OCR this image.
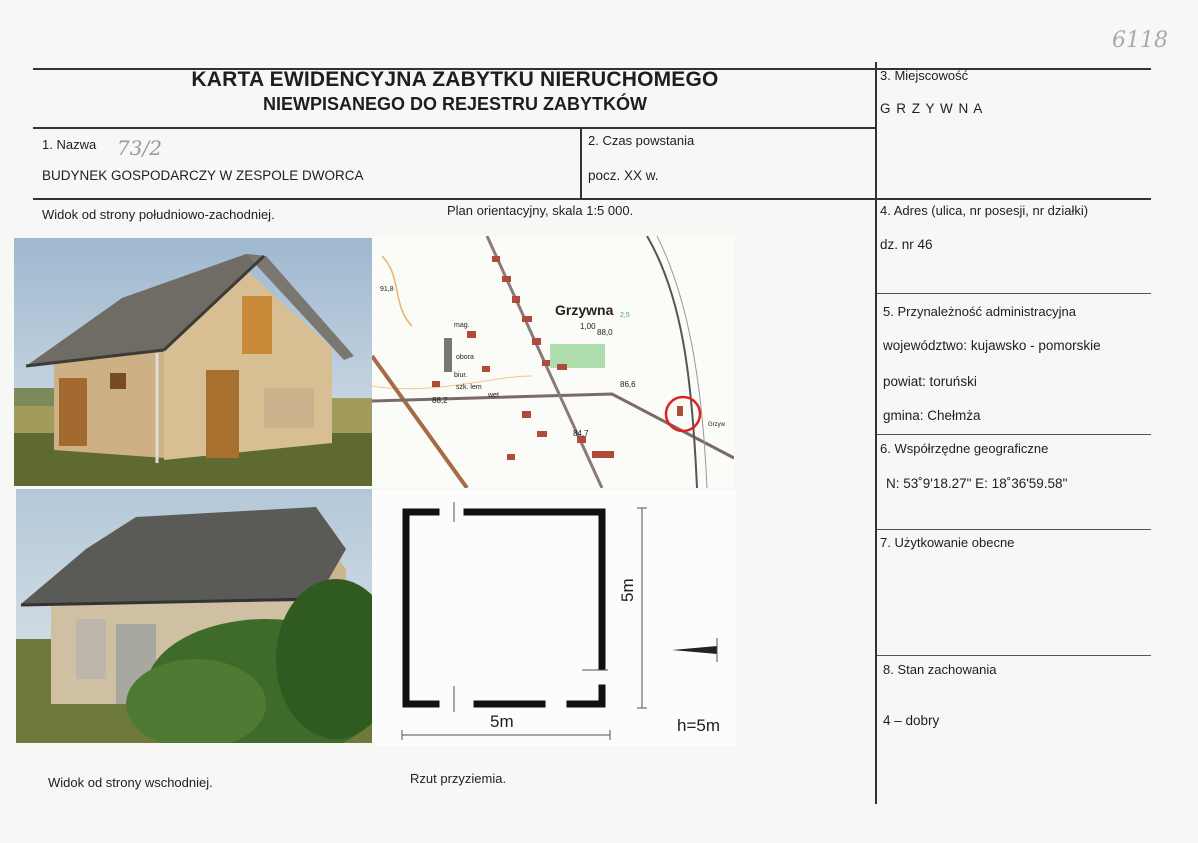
6118
KARTA EWIDENCYJNA ZABYTKU NIERUCHOMEGO
NIEWPISANEGO DO REJESTRU ZABYTKÓW
1. Nazwa 73/2
BUDYNEK GOSPODARCZY W ZESPOLE DWORCA
2. Czas powstania
pocz. XX w.
3. Miejscowość
G R Z Y W N A
4. Adres (ulica, nr posesji, nr działki)
dz. nr 46
5. Przynależność administracyjna
województwo: kujawsko - pomorskie
powiat: toruński
gmina: Chełmża
6. Współrzędne geograficzne
N: 53˚9'18.27" E: 18˚36'59.58"
7. Użytkowanie obecne
8. Stan zachowania
4 – dobry
Widok od strony południowo-zachodniej.	Plan orientacyjny, skala 1:5 000.
Widok od strony wschodniej.	Rzut przyziemia.
Grzywna
91,8
1,00
88,0
86,6
88,2
84,7
2,5
mag.
obora
biur.
szk. lem
wet
Grzyw
5m
5m
h=5m
